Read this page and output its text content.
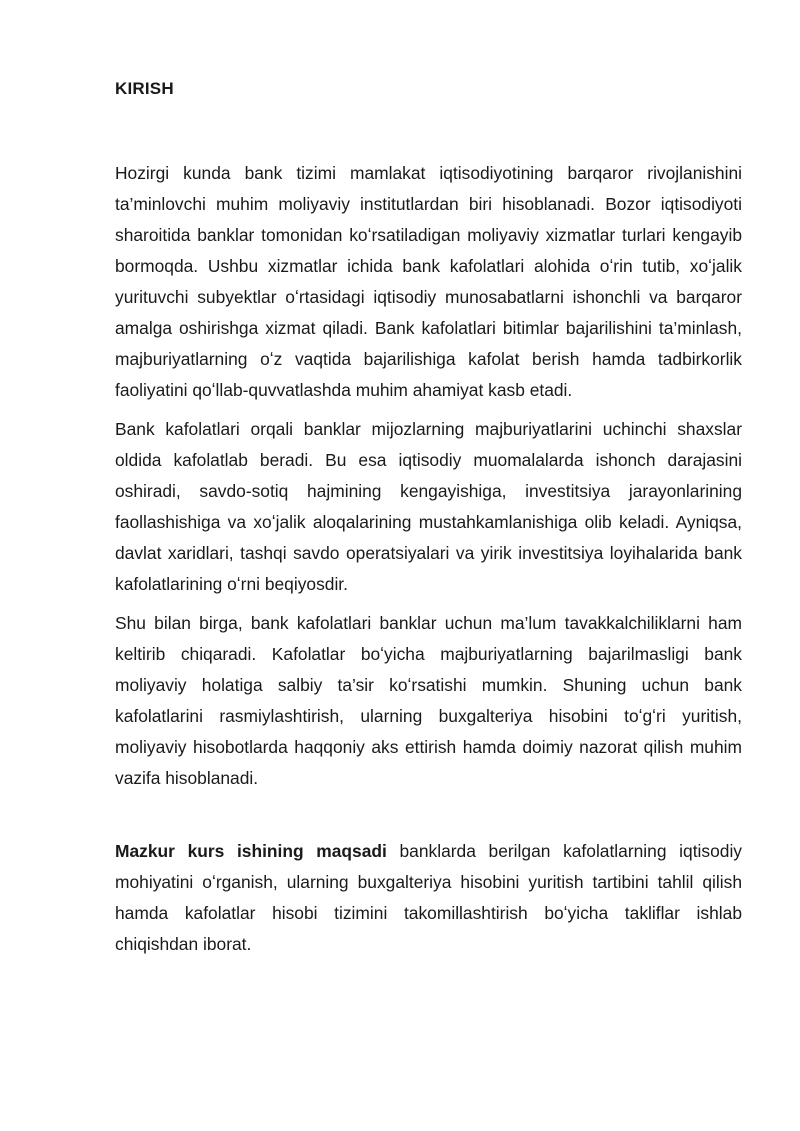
KIRISH

Hozirgi kunda bank tizimi mamlakat iqtisodiyotining barqaror rivojlanishini ta’minlovchi muhim moliyaviy institutlardan biri hisoblanadi. Bozor iqtisodiyoti sharoitida banklar tomonidan koʻrsatiladigan moliyaviy xizmatlar turlari kengayib bormoqda. Ushbu xizmatlar ichida bank kafolatlari alohida oʻrin tutib, xoʻjalik yurituvchi subyektlar oʻrtasidagi iqtisodiy munosabatlarni ishonchli va barqaror amalga oshirishga xizmat qiladi. Bank kafolatlari bitimlar bajarilishini ta’minlash, majburiyatlarning oʻz vaqtida bajarilishiga kafolat berish hamda tadbirkorlik faoliyatini qoʻllab-quvvatlashda muhim ahamiyat kasb etadi.

Bank kafolatlari orqali banklar mijozlarning majburiyatlarini uchinchi shaxslar oldida kafolatlab beradi. Bu esa iqtisodiy muomalalarda ishonch darajasini oshiradi, savdo-sotiq hajmining kengayishiga, investitsiya jarayonlarining faollashishiga va xoʻjalik aloqalarining mustahkamlanishiga olib keladi. Ayniqsa, davlat xaridlari, tashqi savdo operatsiyalari va yirik investitsiya loyihalarida bank kafolatlarining oʻrni beqiyosdir.

Shu bilan birga, bank kafolatlari banklar uchun ma’lum tavakkalchiliklarni ham keltirib chiqaradi. Kafolatlar boʻyicha majburiyatlarning bajarilmasligi bank moliyaviy holatiga salbiy ta’sir koʻrsatishi mumkin. Shuning uchun bank kafolatlarini rasmiylashtirish, ularning buxgalteriya hisobini toʻgʻri yuritish, moliyaviy hisobotlarda haqqoniy aks ettirish hamda doimiy nazorat qilish muhim vazifa hisoblanadi.

Mazkur kurs ishining maqsadi banklarda berilgan kafolatlarning iqtisodiy mohiyatini oʻrganish, ularning buxgalteriya hisobini yuritish tartibini tahlil qilish hamda kafolatlar hisobi tizimini takomillashtirish boʻyicha takliflar ishlab chiqishdan iborat.
